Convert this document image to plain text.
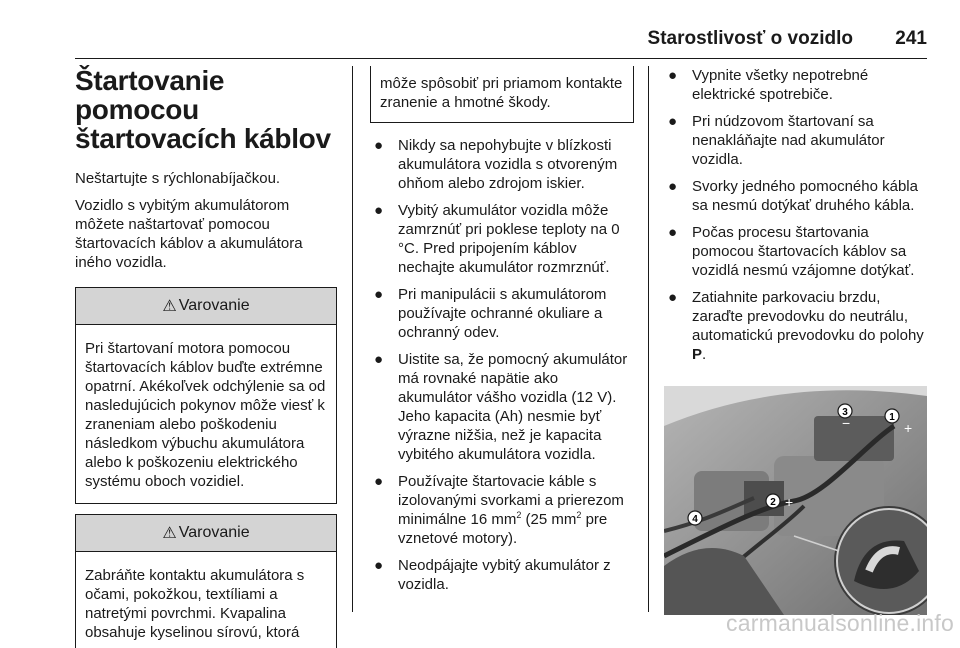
Starostlivosť o vozidlo 241
Štartovanie pomocou štartovacích káblov

Neštartujte s rýchlonabíjačkou.

Vozidlo s vybitým akumulátorom môžete naštartovať pomocou štartovacích káblov a akumulátora iného vozidla.

⚠ Varovanie
Pri štartovaní motora pomocou štartovacích káblov buďte extrémne opatrní. Akékoľvek odchýlenie sa od nasledujúcich pokynov môže viesť k zraneniam alebo poškodeniu následkom výbuchu akumulátora alebo k poškozeniu elektrického systému oboch vozidiel.
⚠ Varovanie
Zabráňte kontaktu akumulátora s očami, pokožkou, textíliami a natretými povrchmi. Kvapalina obsahuje kyselinou sírovú, ktorá
môže spôsobiť pri priamom kontakte zranenie a hmotné škody.
● Nikdy sa nepohybujte v blízkosti akumulátora vozidla s otvoreným ohňom alebo zdrojom iskier.
● Vybitý akumulátor vozidla môže zamrznúť pri poklese teploty na 0 °C. Pred pripojením káblov nechajte akumulátor rozmrznúť.
● Pri manipulácii s akumulátorom používajte ochranné okuliare a ochranný odev.
● Uistite sa, že pomocný akumulátor má rovnaké napätie ako akumulátor vášho vozidla (12 V). Jeho kapacita (Ah) nesmie byť výrazne nižšia, než je kapacita vybitého akumulátora vozidla.
● Používajte štartovacie káble s izolovanými svorkami a prierezom minimálne 16 $mm^2$ (25 $mm^2$ pre vznetové motory).
● Neodpájajte vybitý akumulátor z vozidla.
● Vypnite všetky nepotrebné elektrické spotrebiče.
● Pri núdzovom štartovaní sa nenakláňajte nad akumulátor vozidla.
● Svorky jedného pomocného kábla sa nesmú dotýkať druhého kábla.
● Počas procesu štartovania pomocou štartovacích káblov sa vozidlá nesmú vzájomne dotýkať.
● Zatiahnite parkovaciu brzdu, zaraďte prevodovku do neutrálu, automatickú prevodovku do polohy P.
3	1
2
4
+
+
−
carmanualsonline.info
